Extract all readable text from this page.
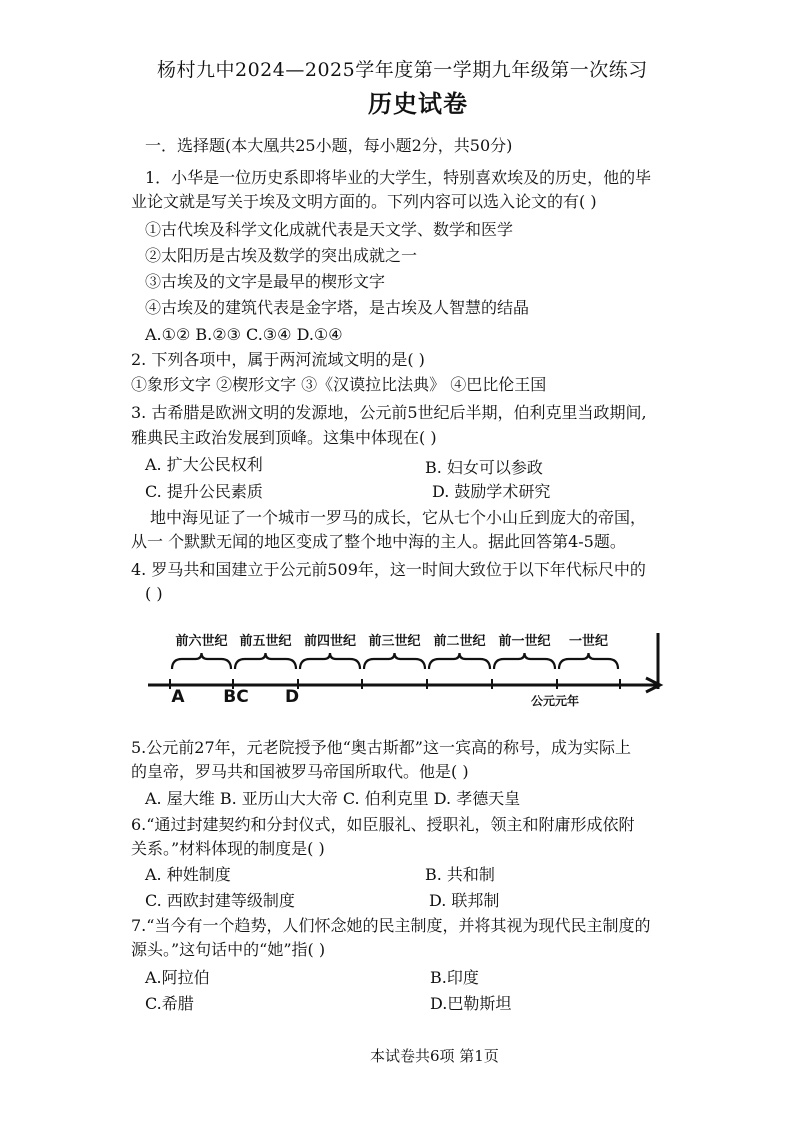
杨村九中2024—2025学年度第一学期九年级第一次练习
历史试卷
一．选择题(本大凰共25小题，每小题2分，共50分)
1．小华是一位历史系即将毕业的大学生，特别喜欢埃及的历史，他的毕
业论文就是写关于埃及文明方面的。下列内容可以选入论文的有( )
①古代埃及科学文化成就代表是天文学、数学和医学
②太阳历是古埃及数学的突出成就之一
③古埃及的文字是最早的楔形文字
④古埃及的建筑代表是金字塔，是古埃及人智慧的结晶
A.①② B.②③ C.③④ D.①④
2. 下列各项中，属于两河流域文明的是( )
①象形文字 ②楔形文字 ③《汉谟拉比法典》 ④巴比伦王国
3. 古希腊是欧洲文明的发源地，公元前5世纪后半期，伯利克里当政期间,
雅典民主政治发展到顶峰。这集中体现在( )
A. 扩大公民权利	B. 妇女可以参政
C. 提升公民素质	D. 鼓励学术研究
地中海见证了一个城市一罗马的成长，它从七个小山丘到庞大的帝国，
从一 个默默无闻的地区变成了整个地中海的主人。据此回答第4-5题。
4. 罗马共和国建立于公元前509年，这一时间大致位于以下年代标尺中的
( )
前六世纪 前五世纪 前四世纪 前三世纪 前二世纪 前一世纪 一世纪
A BC D	公元元年
5.公元前27年，元老院授予他“奥古斯都”这一宾高的称号，成为实际上
的皇帝，罗马共和国被罗马帝国所取代。他是( )
A. 屋大维 B. 亚历山大大帝 C. 伯利克里 D. 孝德天皇
6.“通过封建契约和分封仪式，如臣服礼、授职礼，领主和附庸形成依附
关系。”材料体现的制度是( )
A. 种姓制度	B. 共和制
C. 西欧封建等级制度	D. 联邦制
7.“当今有一个趋势，人们怀念她的民主制度，并将其视为现代民主制度的
源头。”这句话中的“她”指( )
A.阿拉伯	B.印度
C.希腊	D.巴勒斯坦
本试卷共6项 第1页
